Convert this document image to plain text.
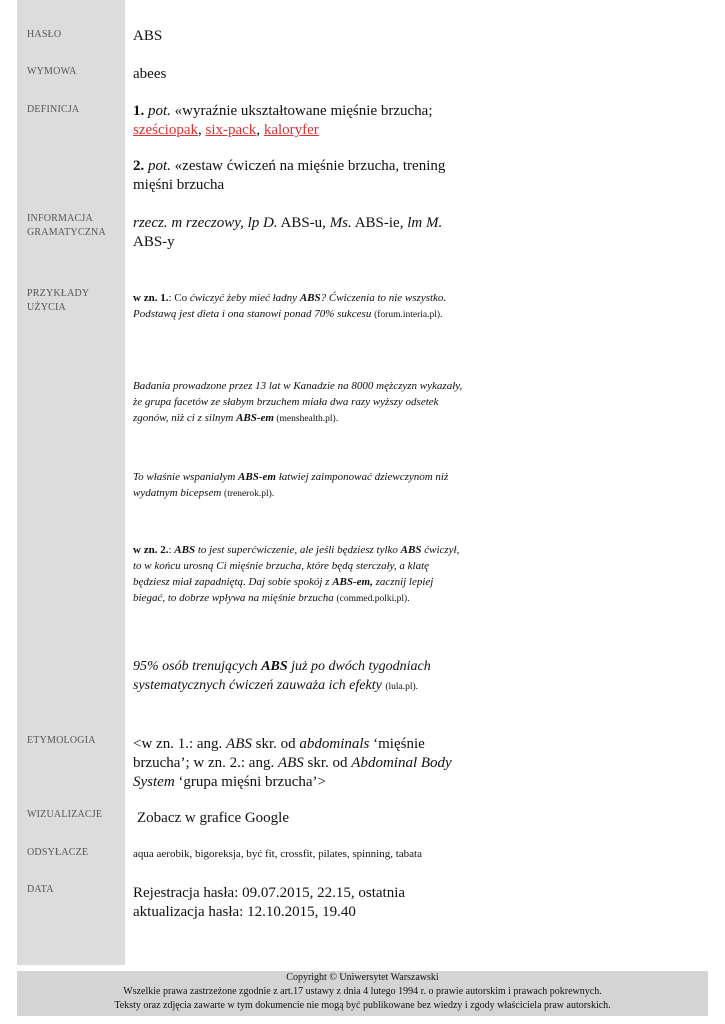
HASŁO
WYMOWA
DEFINICJA
INFORMACJA
GRAMATYCZNA
PRZYKŁADY
UŻYCIA
ETYMOLOGIA
WIZUALIZACJE
ODSYŁACZE
DATA
ABS
abees
1. pot. «wyraźnie ukształtowane mięśnie brzucha;
sześciopak, six-pack, kaloryfer
2. pot. «zestaw ćwiczeń na mięśnie brzucha, trening mięśni brzucha
rzecz. m rzeczowy, lp D. ABS-u, Ms. ABS-ie, lm M. ABS-y
w zn. 1.: Co ćwiczyć żeby mieć ładny ABS? Ćwiczenia to nie wszystko. Podstawą jest dieta i ona stanowi ponad 70% sukcesu (forum.interia.pl).
Badania prowadzone przez 13 lat w Kanadzie na 8000 mężczyzn wykazały, że grupa facetów ze słabym brzuchem miała dwa razy wyższy odsetek zgonów, niż ci z silnym ABS-em (menshealth.pl).
To właśnie wspaniałym ABS-em łatwiej zaimponować dziewczynom niż wydatnym bicepsem (trenerok.pl).
w zn. 2.: ABS to jest superćwiczenie, ale jeśli będziesz tylko ABS ćwiczył, to w końcu urosną Ci mięśnie brzucha, które będą sterczały, a klatę będziesz miał zapadniętą. Daj sobie spokój z ABS-em, zacznij lepiej biegać, to dobrze wpływa na mięśnie brzucha (commed.polki.pl).
95% osób trenujących ABS już po dwóch tygodniach systematycznych ćwiczeń zauważa ich efekty (lula.pl).
<w zn. 1.: ang. ABS skr. od abdominals ‘mięśnie brzucha’; w zn. 2.: ang. ABS skr. od Abdominal Body System ‘grupa mięśni brzucha’>
Zobacz w grafice Google
aqua aerobik, bigoreksja, być fit, crossfit, pilates, spinning, tabata
Rejestracja hasła: 09.07.2015, 22.15, ostatnia aktualizacja hasła: 12.10.2015, 19.40
Copyright © Uniwersytet Warszawski
Wszelkie prawa zastrzeżone zgodnie z art.17 ustawy z dnia 4 lutego 1994 r. o prawie autorskim i prawach pokrewnych.
Teksty oraz zdjęcia zawarte w tym dokumencie nie mogą być publikowane bez wiedzy i zgody właściciela praw autorskich.
